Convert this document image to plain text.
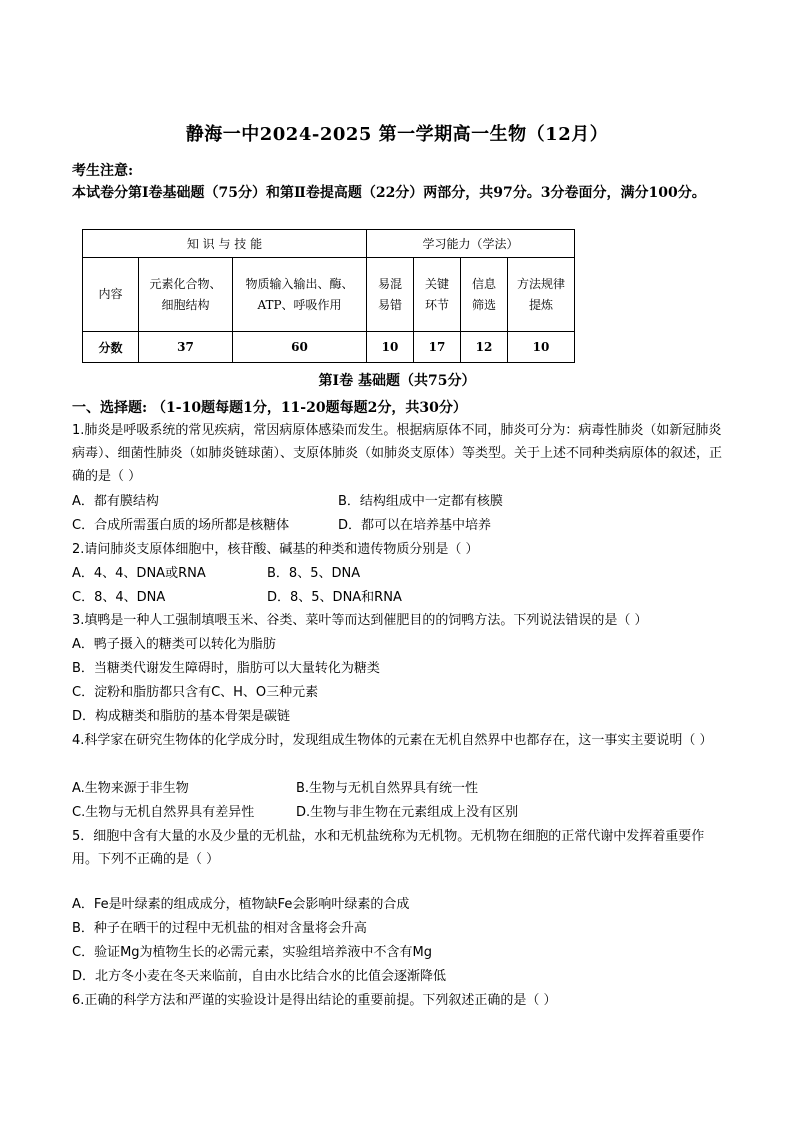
静海一中2024-2025 第一学期高一生物（12月）
考生注意:
本试卷分第Ⅰ卷基础题（75分）和第Ⅱ卷提高题（22分）两部分，共97分。3分卷面分，满分100分。
知 识 与 技 能			学习能力（学法）			
内容	元素化合物、细胞结构	物质输入输出、酶、ATP、呼吸作用	易混易错	关键环节	信息筛选	方法规律提炼
分数	37	60	10	17	12	10
第Ⅰ卷 基础题（共75分）
一、选择题: （1-10题每题1分，11-20题每题2分，共30分）
1.肺炎是呼吸系统的常见疾病，常因病原体感染而发生。根据病原体不同，肺炎可分为：病毒性肺炎（如新冠肺炎病毒）、细菌性肺炎（如肺炎链球菌）、支原体肺炎（如肺炎支原体）等类型。关于上述不同种类病原体的叙述，正确的是（ ）
A．都有膜结构	B．结构组成中一定都有核膜
C．合成所需蛋白质的场所都是核糖体	D．都可以在培养基中培养
2.请问肺炎支原体细胞中，核苷酸、碱基的种类和遗传物质分别是（ ）
A．4、4、DNA或RNA	B．8、5、DNA
C．8、4、DNA	D．8、5、DNA和RNA
3.填鸭是一种人工强制填喂玉米、谷类、菜叶等而达到催肥目的的饲鸭方法。下列说法错误的是（ ）
A．鸭子摄入的糖类可以转化为脂肪
B．当糖类代谢发生障碍时，脂肪可以大量转化为糖类
C．淀粉和脂肪都只含有C、H、O三种元素
D．构成糖类和脂肪的基本骨架是碳链
4.科学家在研究生物体的化学成分时，发现组成生物体的元素在无机自然界中也都存在，这一事实主要说明（ ）
A.生物来源于非生物	B.生物与无机自然界具有统一性
C.生物与无机自然界具有差异性	D.生物与非生物在元素组成上没有区别
5．细胞中含有大量的水及少量的无机盐，水和无机盐统称为无机物。无机物在细胞的正常代谢中发挥着重要作用。下列不正确的是（ ）
A．Fe是叶绿素的组成成分，植物缺Fe会影响叶绿素的合成
B．种子在晒干的过程中无机盐的相对含量将会升高
C．验证Mg为植物生长的必需元素，实验组培养液中不含有Mg
D．北方冬小麦在冬天来临前，自由水比结合水的比值会逐渐降低
6.正确的科学方法和严谨的实验设计是得出结论的重要前提。下列叙述正确的是（ ）
